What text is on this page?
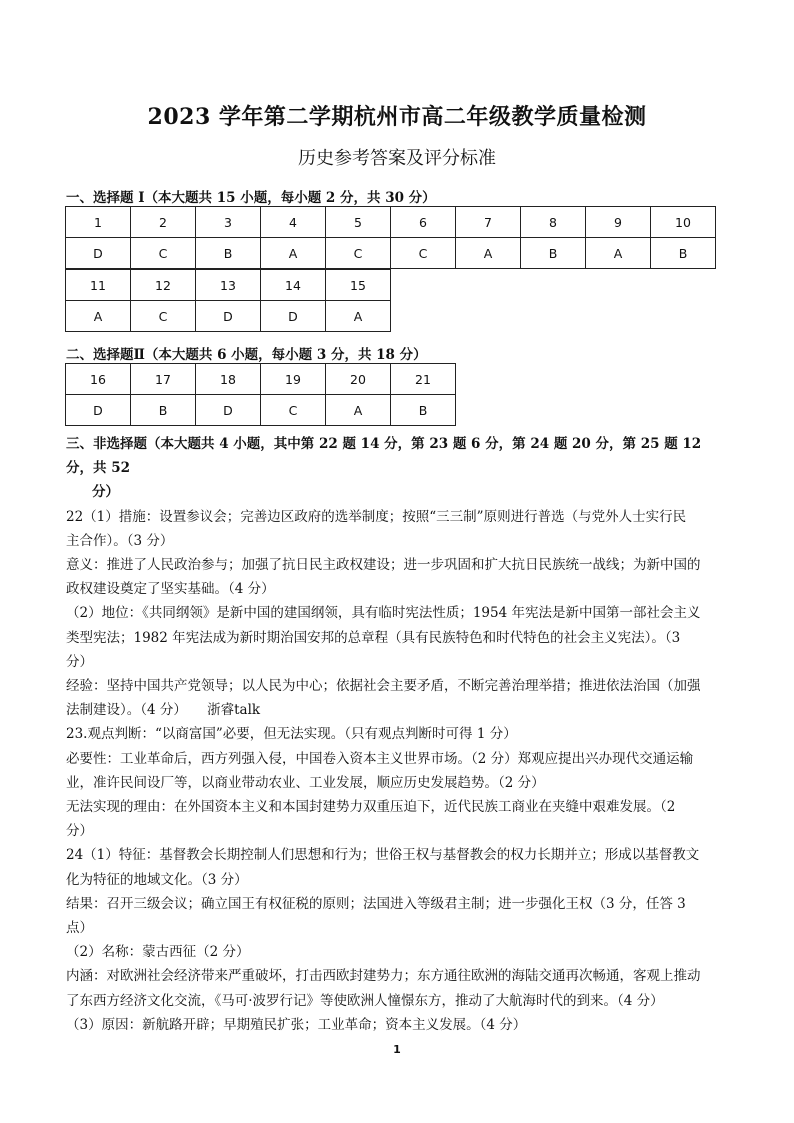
2023 学年第二学期杭州市高二年级教学质量检测
历史参考答案及评分标准
一、选择题 Ⅰ（本大题共 15 小题，每小题 2 分，共 30 分）
1	2	3	4	5	6	7	8	9	10
D	C	B	A	C	C	A	B	A	B
11	12	13	14	15
A	C	D	D	A
二、选择题Ⅱ（本大题共 6 小题，每小题 3 分，共 18 分）
16	17	18	19	20	21
D	B	D	C	A	B

三、非选择题（本大题共 4 小题，其中第 22 题 14 分，第 23 题 6 分，第 24 题 20 分，第 25 题 12 分，共 52

分）

22（1）措施：设置参议会；完善边区政府的选举制度；按照“三三制”原则进行普选（与党外人士实行民

主合作）。（3 分）

意义：推进了人民政治参与；加强了抗日民主政权建设；进一步巩固和扩大抗日民族统一战线；为新中国的

政权建设奠定了坚实基础。（4 分）

（2）地位：《共同纲领》是新中国的建国纲领，具有临时宪法性质；1954 年宪法是新中国第一部社会主义

类型宪法；1982 年宪法成为新时期治国安邦的总章程（具有民族特色和时代特色的社会主义宪法）。（3

分）

经验：坚持中国共产党领导；以人民为中心；依据社会主要矛盾，不断完善治理举措；推进依法治国（加强

法制建设）。（4 分）　　浙睿talk

23.观点判断：“以商富国”必要，但无法实现。（只有观点判断时可得 1 分）

必要性：工业革命后，西方列强入侵，中国卷入资本主义世界市场。（2 分）郑观应提出兴办现代交通运输

业，准许民间设厂等，以商业带动农业、工业发展，顺应历史发展趋势。（2 分）

无法实现的理由：在外国资本主义和本国封建势力双重压迫下，近代民族工商业在夹缝中艰难发展。（2

分）

24（1）特征：基督教会长期控制人们思想和行为；世俗王权与基督教会的权力长期并立；形成以基督教文

化为特征的地域文化。（3 分）

结果：召开三级会议；确立国王有权征税的原则；法国进入等级君主制；进一步强化王权（3 分，任答 3

点）

（2）名称：蒙古西征（2 分）

内涵：对欧洲社会经济带来严重破坏，打击西欧封建势力；东方通往欧洲的海陆交通再次畅通，客观上推动

了东西方经济文化交流，《马可·波罗行记》等使欧洲人憧憬东方，推动了大航海时代的到来。（4 分）

（3）原因：新航路开辟；早期殖民扩张；工业革命；资本主义发展。（4 分）

1
